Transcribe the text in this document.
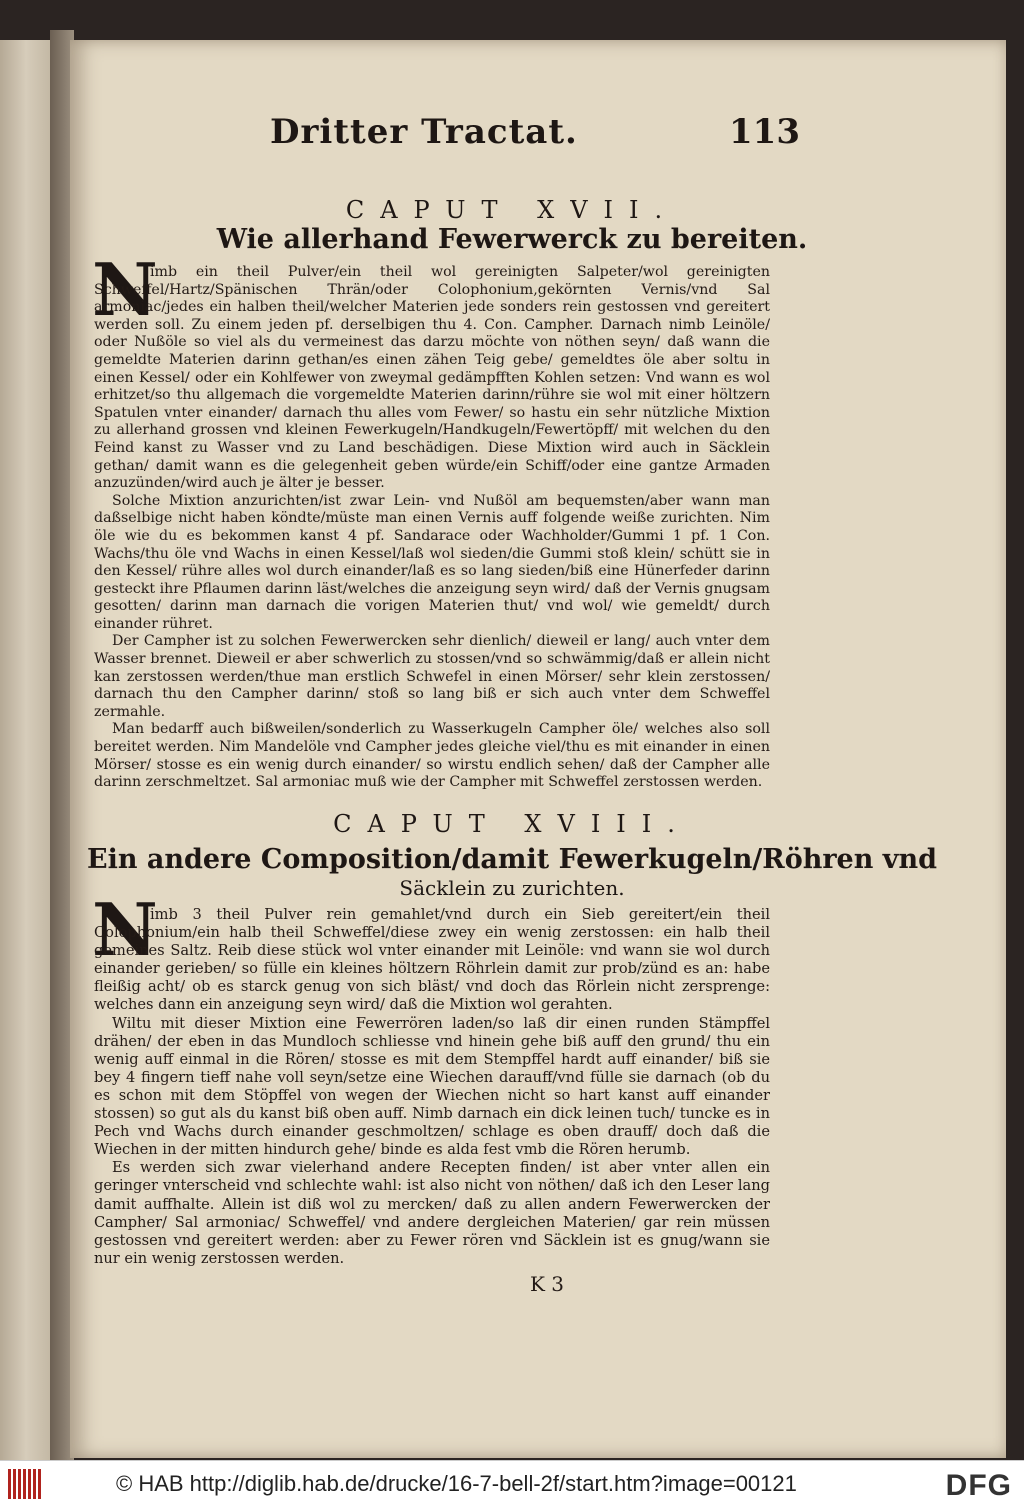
Dritter Tractat.	113
CAPUT XVII.
Wie allerhand Fewerwerck zu bereiten.
N

imb ein theil Pulver/ein theil wol gereinigten Salpeter/wol gereinigten Schweffel/Hartz/Spänischen Thrän/oder Colophonium,gekörnten Vernis/vnd Sal armoniac/jedes ein halben theil/welcher Materien jede sonders rein gestossen vnd gereitert werden soll. Zu einem jeden pf. derselbigen thu 4. Con. Campher. Darnach nimb Leinöle/ oder Nußöle so viel als du vermeinest das darzu möchte von nöthen seyn/ daß wann die gemeldte Materien darinn gethan/es einen zähen Teig gebe/ gemeldtes öle aber soltu in einen Kessel/ oder ein Kohlfewer von zweymal gedämpfften Kohlen setzen: Vnd wann es wol erhitzet/so thu allgemach die vorgemeldte Materien darinn/rühre sie wol mit einer höltzern Spatulen vnter einander/ darnach thu alles vom Fewer/ so hastu ein sehr nützliche Mixtion zu allerhand grossen vnd kleinen Fewerkugeln/Handkugeln/Fewertöpff/ mit welchen du den Feind kanst zu Wasser vnd zu Land beschädigen. Diese Mixtion wird auch in Säcklein gethan/ damit wann es die gelegenheit geben würde/ein Schiff/oder eine gantze Armaden anzuzünden/wird auch je älter je besser.

Solche Mixtion anzurichten/ist zwar Lein- vnd Nußöl am bequemsten/aber wann man daßselbige nicht haben köndte/müste man einen Vernis auff folgende weiße zurichten. Nim öle wie du es bekommen kanst 4 pf. Sandarace oder Wachholder/Gummi 1 pf. 1 Con. Wachs/thu öle vnd Wachs in einen Kessel/laß wol sieden/die Gummi stoß klein/ schütt sie in den Kessel/ rühre alles wol durch einander/laß es so lang sieden/biß eine Hünerfeder darinn gesteckt ihre Pflaumen darinn läst/welches die anzeigung seyn wird/ daß der Vernis gnugsam gesotten/ darinn man darnach die vorigen Materien thut/ vnd wol/ wie gemeldt/ durch einander rühret.

Der Campher ist zu solchen Fewerwercken sehr dienlich/ dieweil er lang/ auch vnter dem Wasser brennet. Dieweil er aber schwerlich zu stossen/vnd so schwämmig/daß er allein nicht kan zerstossen werden/thue man erstlich Schwefel in einen Mörser/ sehr klein zerstossen/ darnach thu den Campher darinn/ stoß so lang biß er sich auch vnter dem Schweffel zermahle.

Man bedarff auch bißweilen/sonderlich zu Wasserkugeln Campher öle/ welches also soll bereitet werden. Nim Mandelöle vnd Campher jedes gleiche viel/thu es mit einander in einen Mörser/ stosse es ein wenig durch einander/ so wirstu endlich sehen/ daß der Campher alle darinn zerschmeltzet. Sal armoniac muß wie der Campher mit Schweffel zerstossen werden.

CAPUT XVIII.
Ein andere Composition/damit Fewerkugeln/Röhren vnd
Säcklein zu zurichten.
N

imb 3 theil Pulver rein gemahlet/vnd durch ein Sieb gereitert/ein theil Colophonium/ein halb theil Schweffel/diese zwey ein wenig zerstossen: ein halb theil gemeines Saltz. Reib diese stück wol vnter einander mit Leinöle: vnd wann sie wol durch einander gerieben/ so fülle ein kleines höltzern Röhrlein damit zur prob/zünd es an: habe fleißig acht/ ob es starck genug von sich bläst/ vnd doch das Rörlein nicht zersprenge: welches dann ein anzeigung seyn wird/ daß die Mixtion wol gerahten.

Wiltu mit dieser Mixtion eine Fewerrören laden/so laß dir einen runden Stämpffel drähen/ der eben in das Mundloch schliesse vnd hinein gehe biß auff den grund/ thu ein wenig auff einmal in die Rören/ stosse es mit dem Stempffel hardt auff einander/ biß sie bey 4 fingern tieff nahe voll seyn/setze eine Wiechen darauff/vnd fülle sie darnach (ob du es schon mit dem Stöpffel von wegen der Wiechen nicht so hart kanst auff einander stossen) so gut als du kanst biß oben auff. Nimb darnach ein dick leinen tuch/ tuncke es in Pech vnd Wachs durch einander geschmoltzen/ schlage es oben drauff/ doch daß die Wiechen in der mitten hindurch gehe/ binde es alda fest vmb die Rören herumb.

Es werden sich zwar vielerhand andere Recepten finden/ ist aber vnter allen ein geringer vnterscheid vnd schlechte wahl: ist also nicht von nöthen/ daß ich den Leser lang damit auffhalte. Allein ist diß wol zu mercken/ daß zu allen andern Fewerwercken der Campher/ Sal armoniac/ Schweffel/ vnd andere dergleichen Materien/ gar rein müssen gestossen vnd gereitert werden: aber zu Fewer rören vnd Säcklein ist es gnug/wann sie nur ein wenig zerstossen werden.

K 3
© HAB http://diglib.hab.de/drucke/16-7-bell-2f/start.htm?image=00121	DFG
